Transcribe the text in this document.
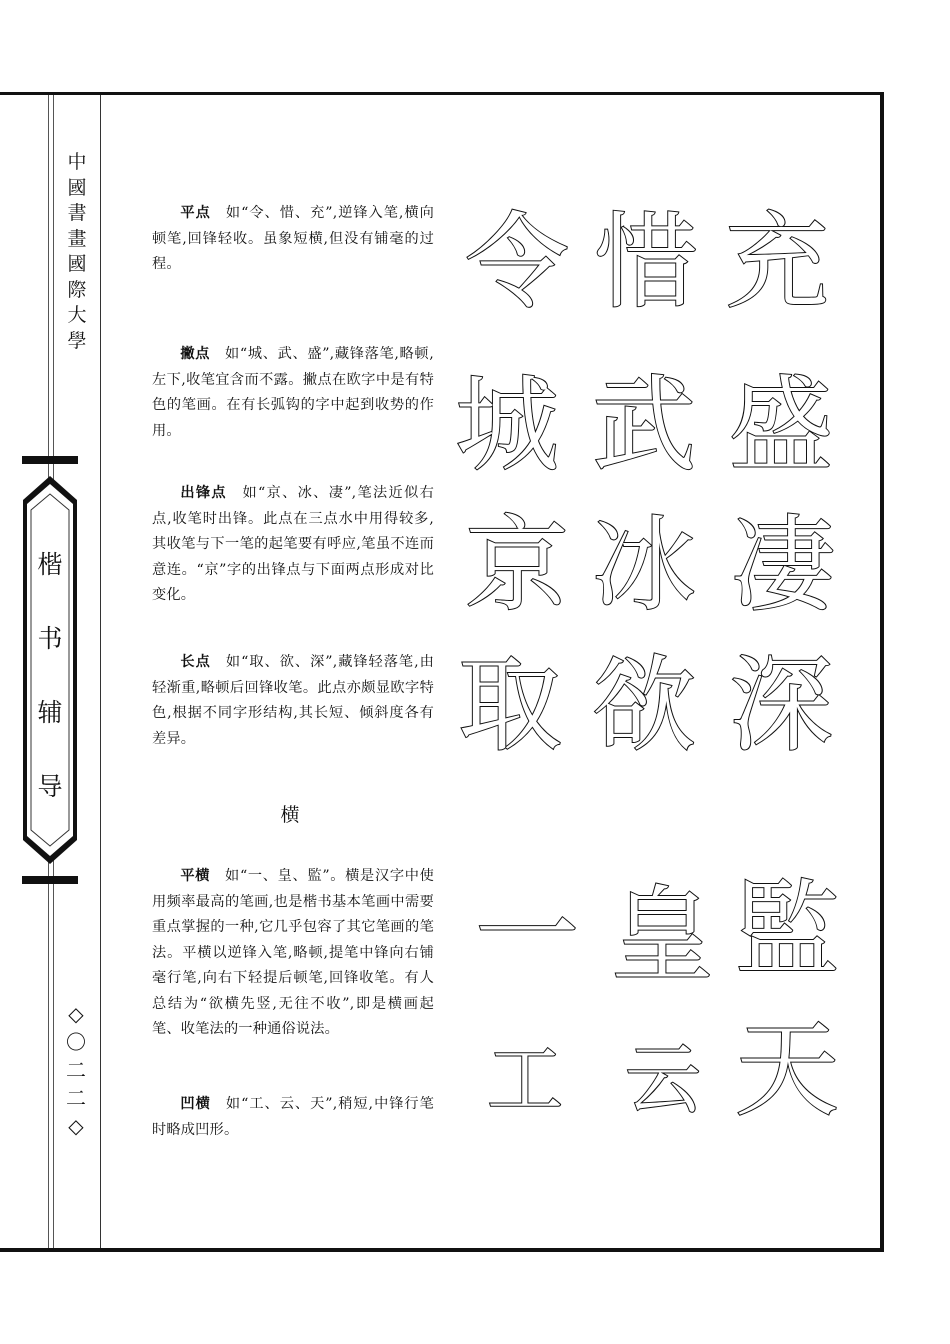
中
國
書
畫
國
際
大
學
楷
书
辅
导
◇
〇
二
二
◇
平点  如“令、惜、充”,逆锋入笔,横向顿笔,回锋轻收。虽象短横,但没有铺毫的过程。
撇点  如“城、武、盛”,藏锋落笔,略顿,左下,收笔宜含而不露。撇点在欧字中是有特色的笔画。在有长弧钩的字中起到收势的作用。
出锋点  如“京、冰、凄”,笔法近似右点,收笔时出锋。此点在三点水中用得较多,其收笔与下一笔的起笔要有呼应,笔虽不连而意连。“京”字的出锋点与下面两点形成对比变化。
长点  如“取、欲、深”,藏锋轻落笔,由轻渐重,略顿后回锋收笔。此点亦颇显欧字特色,根据不同字形结构,其长短、倾斜度各有差异。
横
平横  如“一、皇、監”。横是汉字中使用频率最高的笔画,也是楷书基本笔画中需要重点掌握的一种,它几乎包容了其它笔画的笔法。平横以逆锋入笔,略顿,提笔中锋向右铺毫行笔,向右下轻提后顿笔,回锋收笔。有人总结为“欲横先竖,无往不收”,即是横画起笔、收笔法的一种通俗说法。
凹横  如“工、云、天”,稍短,中锋行笔时略成凹形。
令 惜 充
城 武 盛
京 冰 凄
取 欲 深
一 皇 監
工 云 天
